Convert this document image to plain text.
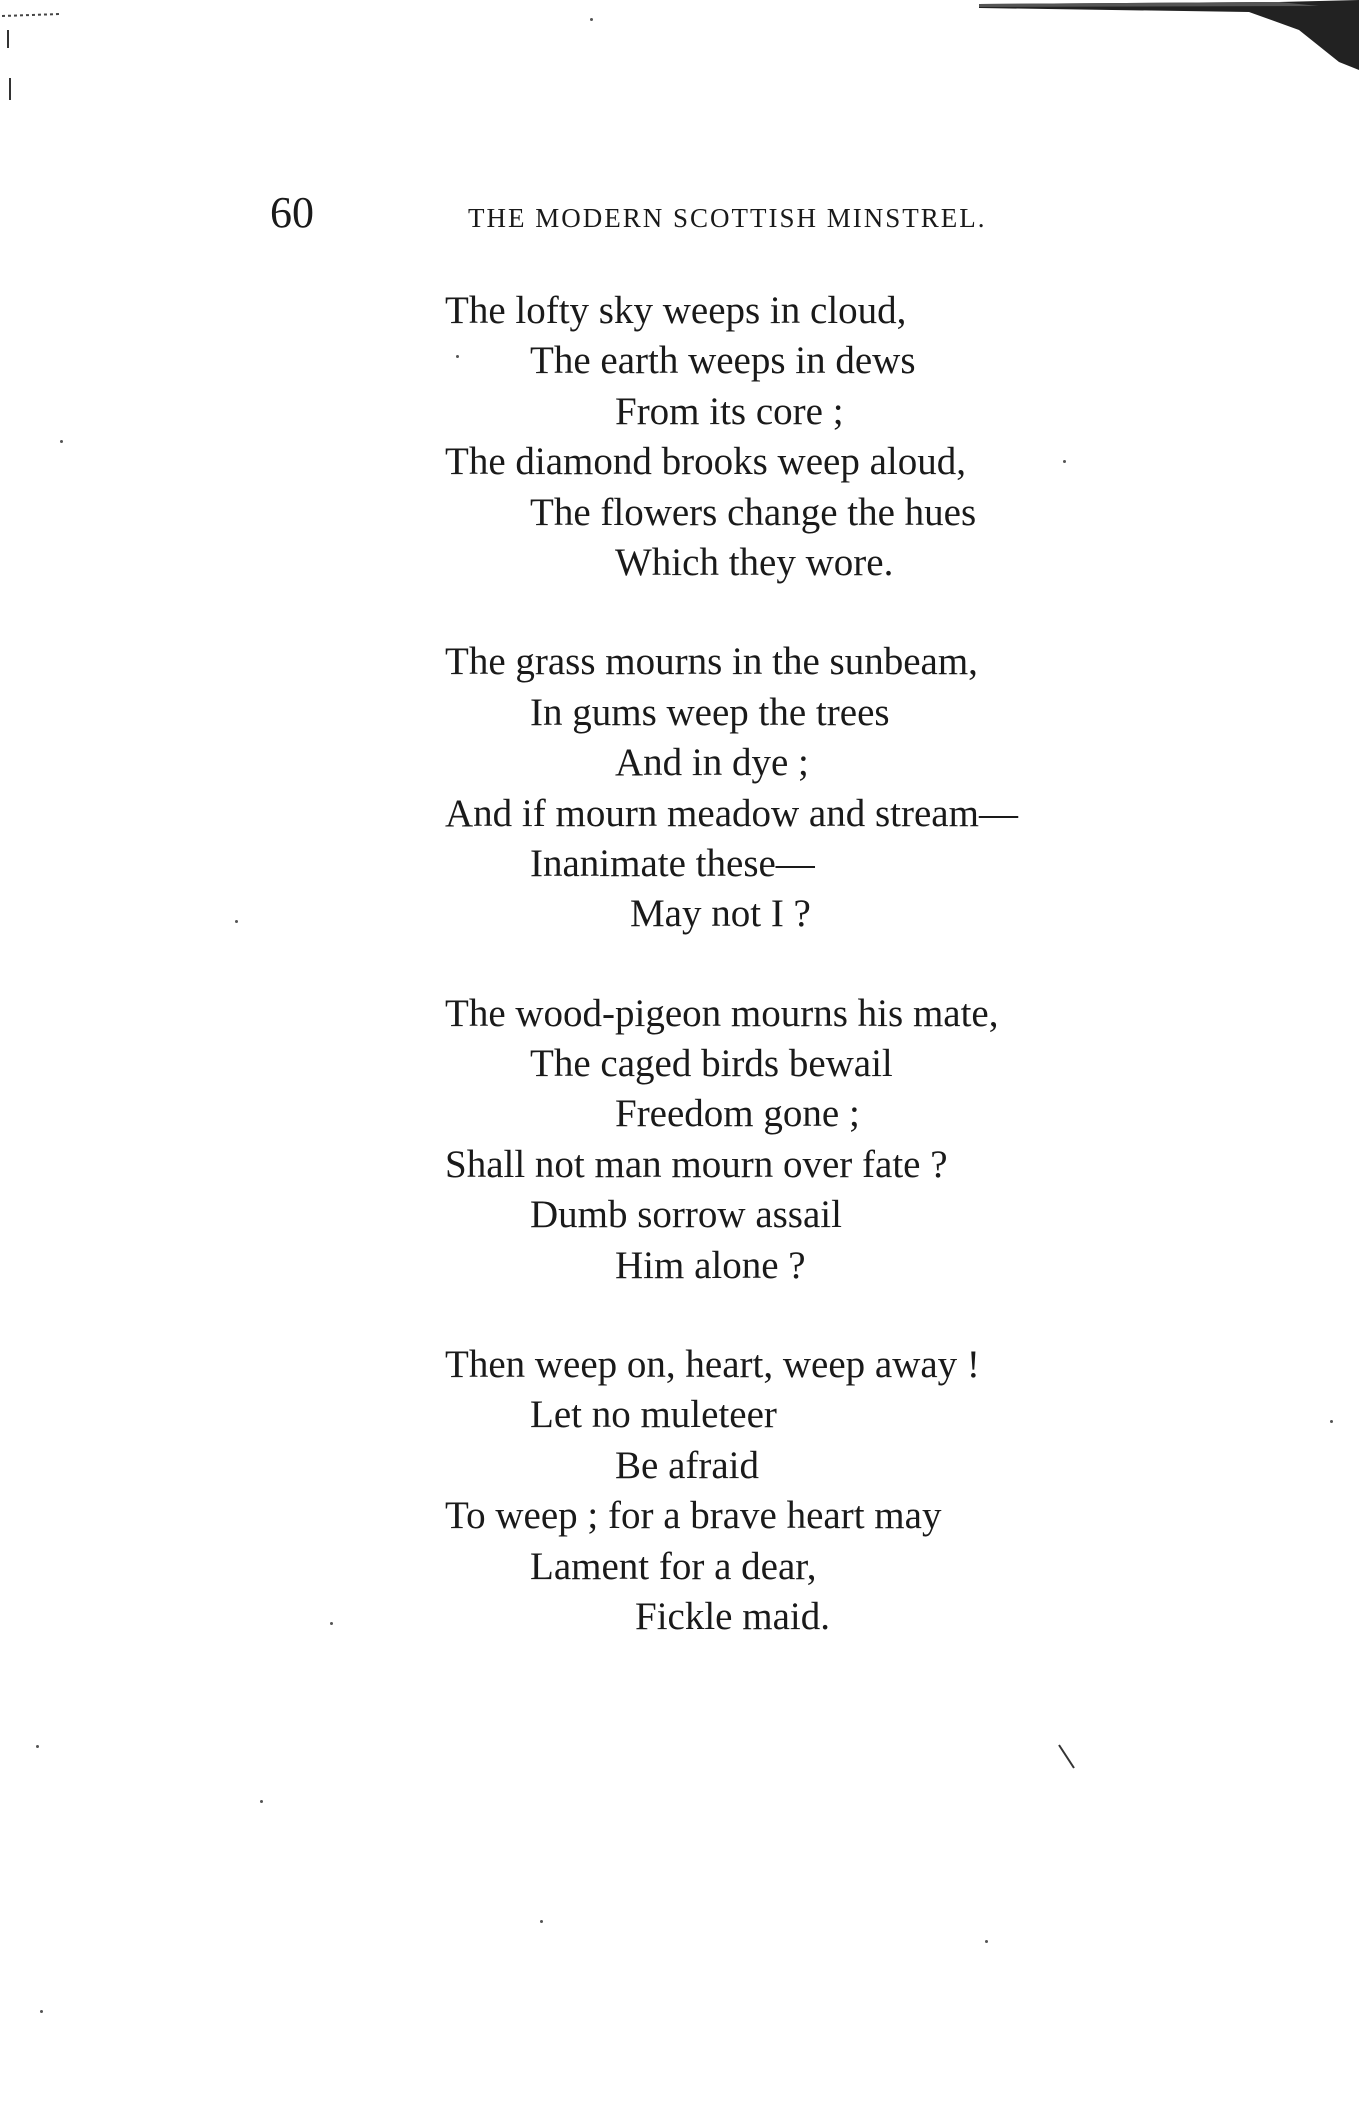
60	THE MODERN SCOTTISH MINSTREL.
The lofty sky weeps in cloud,
The earth weeps in dews
From its core ;
The diamond brooks weep aloud,
The flowers change the hues
Which they wore.
The grass mourns in the sunbeam,
In gums weep the trees
And in dye ;
And if mourn meadow and stream—
Inanimate these—
May not I ?
The wood-pigeon mourns his mate,
The caged birds bewail
Freedom gone ;
Shall not man mourn over fate ?
Dumb sorrow assail
Him alone ?
Then weep on, heart, weep away !
Let no muleteer
Be afraid
To weep ; for a brave heart may
Lament for a dear,
Fickle maid.
